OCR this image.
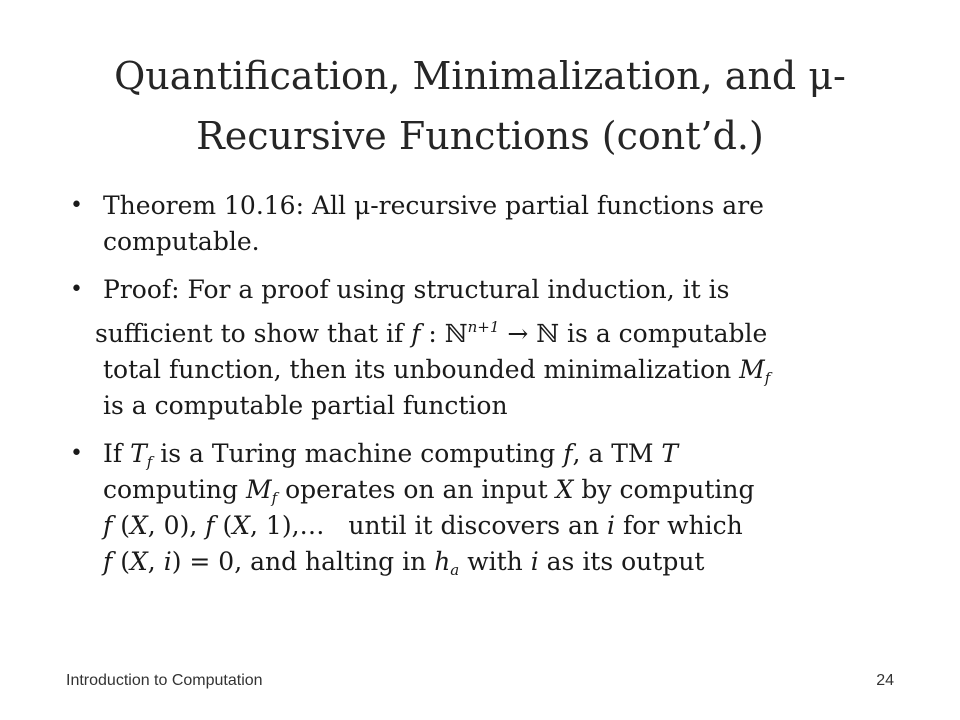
Quantification, Minimalization, and μ-
Recursive Functions (cont’d.)
• Theorem 10.16: All μ-recursive partial functions are
computable.
• Proof: For a proof using structural induction, it is
sufficient to show that if f : ℕ$^{n+1}$ → ℕ is a computable
total function, then its unbounded minimalization $M_f$
is a computable partial function
• If $T_f$ is a Turing machine computing f, a TM T
computing $M_f$ operates on an input X by computing
f (X, 0), f (X, 1),…   until it discovers an i for which
f (X, i) = 0, and halting in $h_a$ with i as its output
Introduction to Computation	24
